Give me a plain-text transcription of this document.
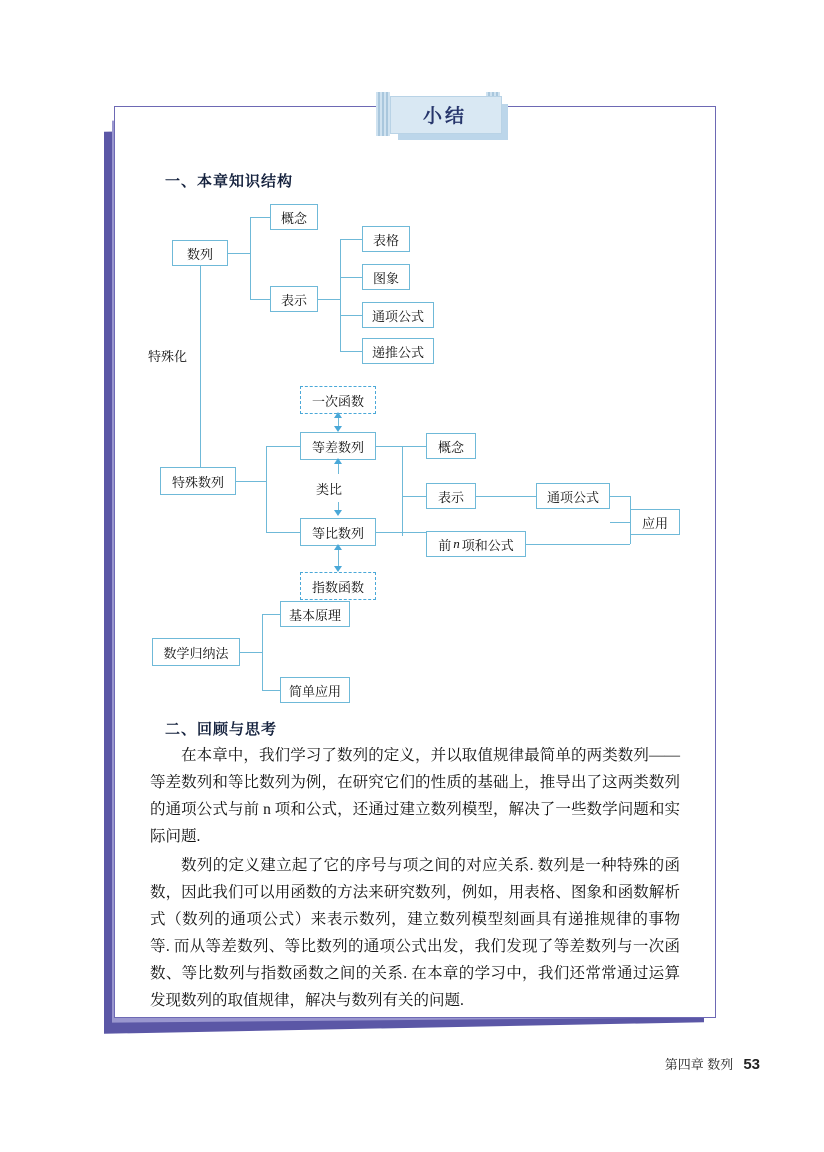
小结
一、本章知识结构
数列
概念
表示
表格
图象
通项公式
递推公式
特殊化
特殊数列
一次函数
等差数列
类比
等比数列
指数函数
概念
表示	通项公式
前 n 项和公式
应用
数学归纳法
基本原理
简单应用
二、回顾与思考

在本章中，我们学习了数列的定义，并以取值规律最简单的两类数列——等差数列和等比数列为例，在研究它们的性质的基础上，推导出了这两类数列的通项公式与前 n 项和公式，还通过建立数列模型，解决了一些数学问题和实际问题.

数列的定义建立起了它的序号与项之间的对应关系. 数列是一种特殊的函数，因此我们可以用函数的方法来研究数列，例如，用表格、图象和函数解析式（数列的通项公式）来表示数列，建立数列模型刻画具有递推规律的事物等. 而从等差数列、等比数列的通项公式出发，我们发现了等差数列与一次函数、等比数列与指数函数之间的关系. 在本章的学习中，我们还常常通过运算发现数列的取值规律，解决与数列有关的问题.

第四章 数列 53
